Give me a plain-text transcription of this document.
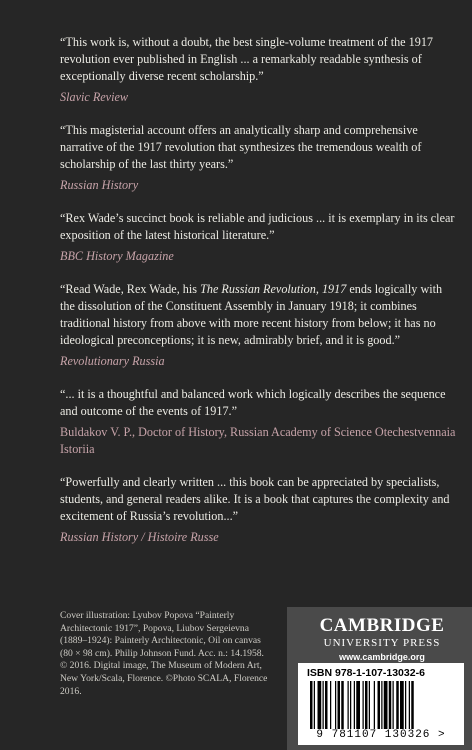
“This work is, without a doubt, the best single-volume treatment of the 1917 revolution ever published in English ... a remarkably readable synthesis of exceptionally diverse recent scholarship.”
Slavic Review
“This magisterial account offers an analytically sharp and comprehensive narrative of the 1917 revolution that synthesizes the tremendous wealth of scholarship of the last thirty years.”
Russian History
“Rex Wade’s succinct book is reliable and judicious ... it is exemplary in its clear exposition of the latest historical literature.”
BBC History Magazine
“Read Wade, Rex Wade, his The Russian Revolution, 1917 ends logically with the dissolution of the Constituent Assembly in January 1918; it combines traditional history from above with more recent history from below; it has no ideological preconceptions; it is new, admirably brief, and it is good.”
Revolutionary Russia
“... it is a thoughtful and balanced work which logically describes the sequence and outcome of the events of 1917.”
Buldakov V. P., Doctor of History, Russian Academy of Science Otechestvennaia Istoriia
“Powerfully and clearly written ... this book can be appreciated by specialists, students, and general readers alike. It is a book that captures the complexity and excitement of Russia’s revolution...”
Russian History / Histoire Russe
Cover illustration: Lyubov Popova “Painterly Architectonic 1917”, Popova, Liubov Sergeievna (1889–1924): Painterly Architectonic, Oil on canvas (80 × 98 cm). Philip Johnson Fund. Acc. n.: 14.1958. © 2016. Digital image, The Museum of Modern Art, New York/Scala, Florence. ©Photo SCALA, Florence 2016.
CAMBRIDGE
UNIVERSITY PRESS
www.cambridge.org
ISBN 978-1-107-13032-6
9 781107 130326 >
